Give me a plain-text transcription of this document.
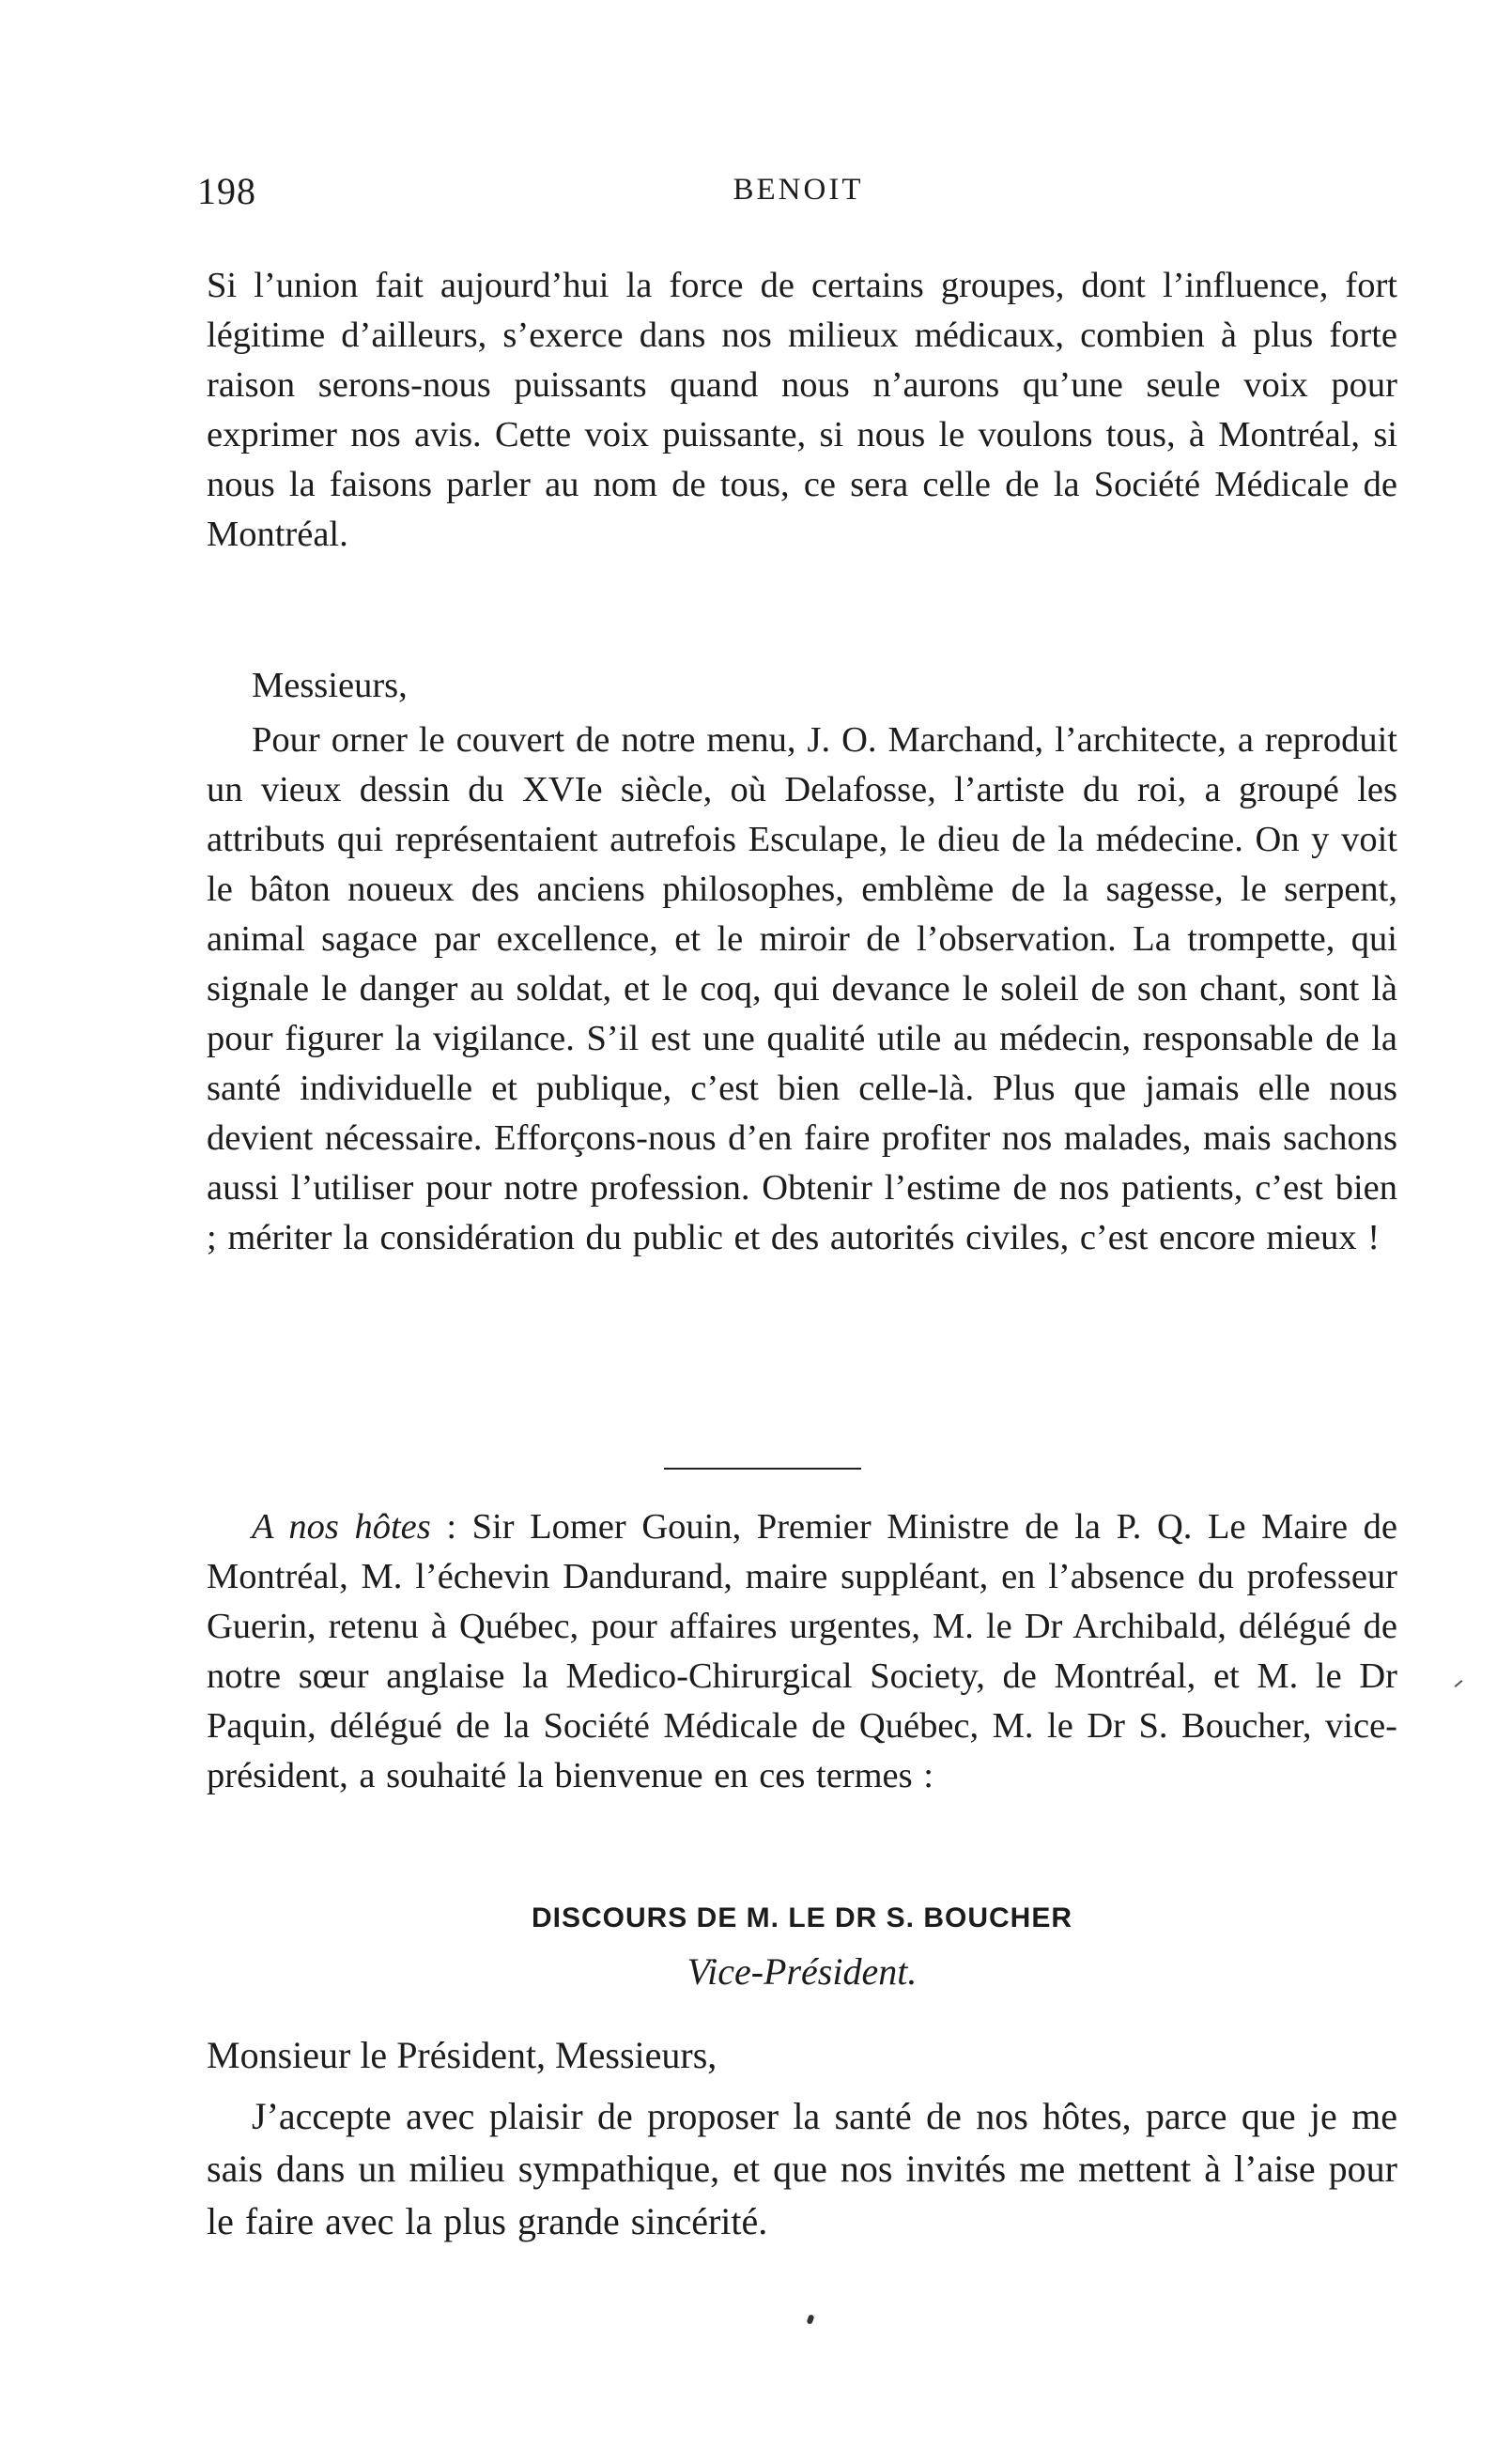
198	BENOIT

Si l’union fait aujourd’hui la force de certains groupes, dont l’influence, fort légitime d’ailleurs, s’exerce dans nos milieux médicaux, combien à plus forte raison serons-nous puissants quand nous n’aurons qu’une seule voix pour exprimer nos avis. Cette voix puissante, si nous le voulons tous, à Montréal, si nous la faisons parler au nom de tous, ce sera celle de la Société Médicale de Montréal.

Messieurs,

Pour orner le couvert de notre menu, J. O. Marchand, l’architecte, a reproduit un vieux dessin du XVIe siècle, où Delafosse, l’artiste du roi, a groupé les attributs qui représentaient autrefois Esculape, le dieu de la médecine. On y voit le bâton noueux des anciens philosophes, emblème de la sagesse, le serpent, animal sagace par excellence, et le miroir de l’observation. La trompette, qui signale le danger au soldat, et le coq, qui devance le soleil de son chant, sont là pour figurer la vigilance. S’il est une qualité utile au médecin, responsable de la santé individuelle et publique, c’est bien celle-là. Plus que jamais elle nous devient nécessaire. Efforçons-nous d’en faire profiter nos malades, mais sachons aussi l’utiliser pour notre profession. Obtenir l’estime de nos patients, c’est bien ; mériter la considération du public et des autorités civiles, c’est encore mieux !

A nos hôtes : Sir Lomer Gouin, Premier Ministre de la P. Q. Le Maire de Montréal, M. l’échevin Dandurand, maire suppléant, en l’absence du professeur Guerin, retenu à Québec, pour affaires urgentes, M. le Dr Archibald, délégué de notre sœur anglaise la Medico-Chirurgical Society, de Montréal, et M. le Dr Paquin, délégué de la Société Médicale de Québec, M. le Dr S. Boucher, vice-président, a souhaité la bienvenue en ces termes :

DISCOURS DE M. LE DR S. BOUCHER
Vice-Président.
Monsieur le Président, Messieurs,

J’accepte avec plaisir de proposer la santé de nos hôtes, parce que je me sais dans un milieu sympathique, et que nos invités me mettent à l’aise pour le faire avec la plus grande sincérité.
